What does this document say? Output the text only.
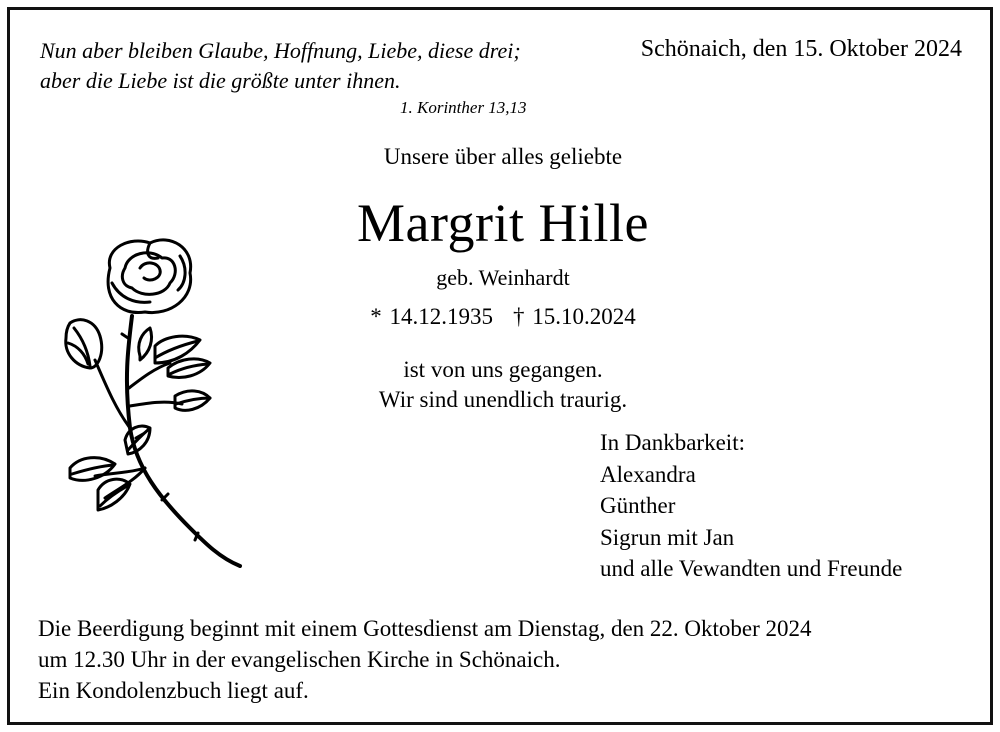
Nun aber bleiben Glaube, Hoffnung, Liebe, diese drei;
aber die Liebe ist die größte unter ihnen.
1. Korinther 13,13
Schönaich, den 15. Oktober 2024
Unsere über alles geliebte
Margrit Hille
geb. Weinhardt
* 14.12.1935 † 15.10.2024
ist von uns gegangen.
Wir sind unendlich traurig.
In Dankbarkeit:
Alexandra
Günther
Sigrun mit Jan
und alle Vewandten und Freunde
Die Beerdigung beginnt mit einem Gottesdienst am Dienstag, den 22. Oktober 2024
um 12.30 Uhr in der evangelischen Kirche in Schönaich.
Ein Kondolenzbuch liegt auf.
